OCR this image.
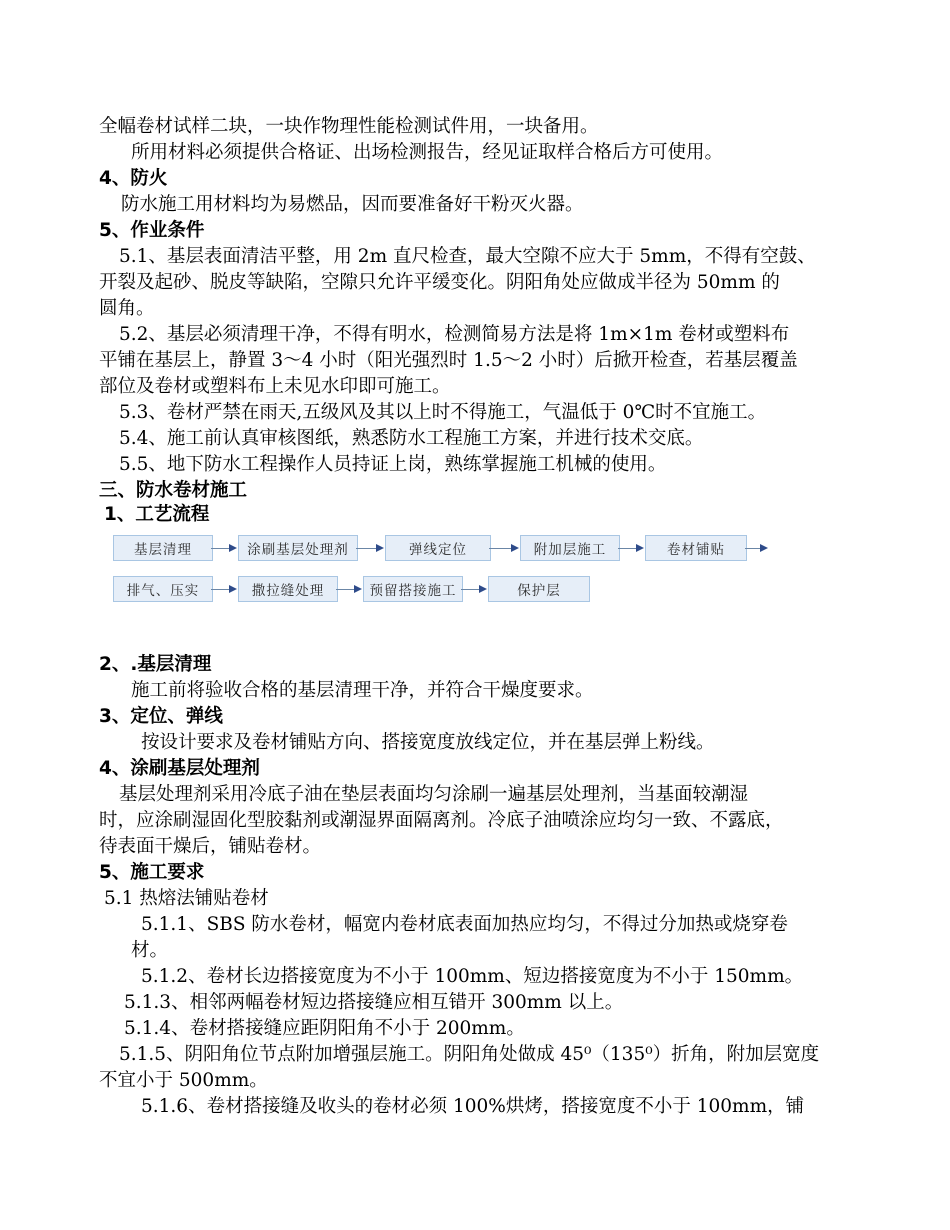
全幅卷材试样二块，一块作物理性能检测试件用，一块备用。
所用材料必须提供合格证、出场检测报告，经见证取样合格后方可使用。
4、防火
防水施工用材料均为易燃品，因而要准备好干粉灭火器。
5、作业条件
5.1、基层表面清洁平整，用 2m 直尺检查，最大空隙不应大于 5mm，不得有空鼓、
开裂及起砂、脱皮等缺陷，空隙只允许平缓变化。阴阳角处应做成半径为 50mm 的
圆角。
5.2、基层必须清理干净，不得有明水，检测简易方法是将 1m×1m 卷材或塑料布
平铺在基层上，静置 3～4 小时（阳光强烈时 1.5～2 小时）后掀开检查，若基层覆盖
部位及卷材或塑料布上未见水印即可施工。
5.3、卷材严禁在雨天,五级风及其以上时不得施工，气温低于 0℃时不宜施工。
5.4、施工前认真审核图纸，熟悉防水工程施工方案，并进行技术交底。
5.5、地下防水工程操作人员持证上岗，熟练掌握施工机械的使用。
三、防水卷材施工
1、工艺流程
基层清理	涂刷基层处理剂	弹线定位	附加层施工	卷材铺贴
排气、压实	撒拉缝处理	预留搭接施工	保护层
2、.基层清理
施工前将验收合格的基层清理干净，并符合干燥度要求。
3、定位、弹线
按设计要求及卷材铺贴方向、搭接宽度放线定位，并在基层弹上粉线。
4、涂刷基层处理剂
基层处理剂采用冷底子油在垫层表面均匀涂刷一遍基层处理剂，当基面较潮湿
时，应涂刷湿固化型胶黏剂或潮湿界面隔离剂。冷底子油喷涂应均匀一致、不露底，
待表面干燥后，铺贴卷材。
5、施工要求
5.1 热熔法铺贴卷材
5.1.1、SBS 防水卷材，幅宽内卷材底表面加热应均匀，不得过分加热或烧穿卷
材。
5.1.2、卷材长边搭接宽度为不小于 100mm、短边搭接宽度为不小于 150mm。
5.1.3、相邻两幅卷材短边搭接缝应相互错开 300mm 以上。
5.1.4、卷材搭接缝应距阴阳角不小于 200mm。
5.1.5、阴阳角位节点附加增强层施工。阴阳角处做成 45⁰（135⁰）折角，附加层宽度
不宜小于 500mm。
5.1.6、卷材搭接缝及收头的卷材必须 100%烘烤，搭接宽度不小于 100mm，铺
